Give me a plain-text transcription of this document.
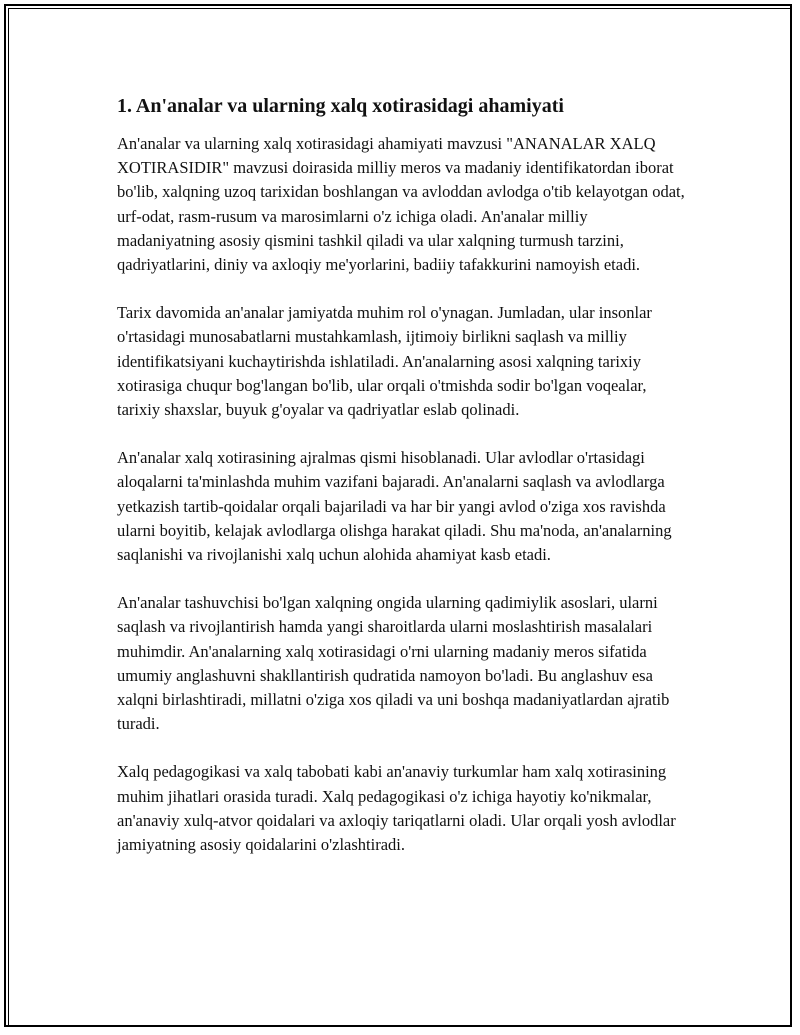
1. An'analar va ularning xalq xotirasidagi ahamiyati

An'analar va ularning xalq xotirasidagi ahamiyati mavzusi "ANANALAR XALQ XOTIRASIDIR" mavzusi doirasida milliy meros va madaniy identifikatordan iborat bo'lib, xalqning uzoq tarixidan boshlangan va avloddan avlodga o'tib kelayotgan odat, urf-odat, rasm-rusum va marosimlarni o'z ichiga oladi. An'analar milliy madaniyatning asosiy qismini tashkil qiladi va ular xalqning turmush tarzini, qadriyatlarini, diniy va axloqiy me'yorlarini, badiiy tafakkurini namoyish etadi.

Tarix davomida an'analar jamiyatda muhim rol o'ynagan. Jumladan, ular insonlar o'rtasidagi munosabatlarni mustahkamlash, ijtimoiy birlikni saqlash va milliy identifikatsiyani kuchaytirishda ishlatiladi. An'analarning asosi xalqning tarixiy xotirasiga chuqur bog'langan bo'lib, ular orqali o'tmishda sodir bo'lgan voqealar, tarixiy shaxslar, buyuk g'oyalar va qadriyatlar eslab qolinadi.

An'analar xalq xotirasining ajralmas qismi hisoblanadi. Ular avlodlar o'rtasidagi aloqalarni ta'minlashda muhim vazifani bajaradi. An'analarni saqlash va avlodlarga yetkazish tartib-qoidalar orqali bajariladi va har bir yangi avlod o'ziga xos ravishda ularni boyitib, kelajak avlodlarga olishga harakat qiladi. Shu ma'noda, an'analarning saqlanishi va rivojlanishi xalq uchun alohida ahamiyat kasb etadi.

An'analar tashuvchisi bo'lgan xalqning ongida ularning qadimiylik asoslari, ularni saqlash va rivojlantirish hamda yangi sharoitlarda ularni moslashtirish masalalari muhimdir. An'analarning xalq xotirasidagi o'rni ularning madaniy meros sifatida umumiy anglashuvni shakllantirish qudratida namoyon bo'ladi. Bu anglashuv esa xalqni birlashtiradi, millatni o'ziga xos qiladi va uni boshqa madaniyatlardan ajratib turadi.

Xalq pedagogikasi va xalq tabobati kabi an'anaviy turkumlar ham xalq xotirasining muhim jihatlari orasida turadi. Xalq pedagogikasi o'z ichiga hayotiy ko'nikmalar, an'anaviy xulq-atvor qoidalari va axloqiy tariqatlarni oladi. Ular orqali yosh avlodlar jamiyatning asosiy qoidalarini o'zlashtiradi.
